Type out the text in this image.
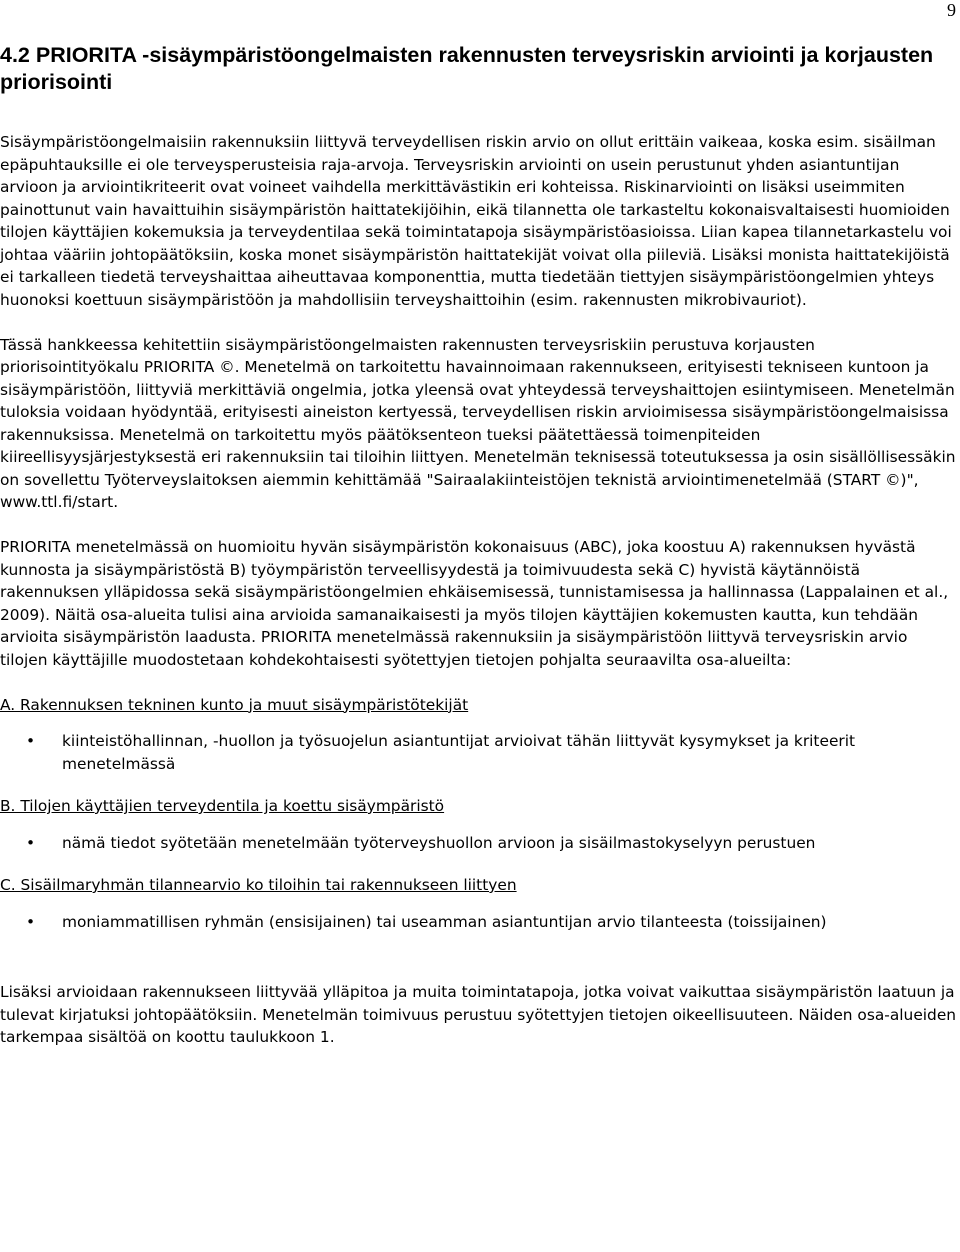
9
4.2 PRIORITA -sisäympäristöongelmaisten rakennusten terveysriskin arviointi ja korjausten priorisointi

Sisäympäristöongelmaisiin rakennuksiin liittyvä terveydellisen riskin arvio on ollut erittäin vaikeaa, koska esim. sisäilman epäpuhtauksille ei ole terveysperusteisia raja-arvoja. Terveysriskin arviointi on usein perustunut yhden asiantuntijan arvioon ja arviointikriteerit ovat voineet vaihdella merkittävästikin eri kohteissa. Riskinarviointi on lisäksi useimmiten painottunut vain havaittuihin sisäympäristön haittatekijöihin, eikä tilannetta ole tarkasteltu kokonaisvaltaisesti huomioiden tilojen käyttäjien kokemuksia ja terveydentilaa sekä toimintatapoja sisäympäristöasioissa. Liian kapea tilannetarkastelu voi johtaa vääriin johtopäätöksiin, koska monet sisäympäristön haittatekijät voivat olla piileviä. Lisäksi monista haittatekijöistä ei tarkalleen tiedetä terveyshaittaa aiheuttavaa komponenttia, mutta tiedetään tiettyjen sisäympäristöongelmien yhteys huonoksi koettuun sisäympäristöön ja mahdollisiin terveyshaittoihin (esim. rakennusten mikrobivauriot).

Tässä hankkeessa kehitettiin sisäympäristöongelmaisten rakennusten terveysriskiin perustuva korjausten priorisointityökalu PRIORITA ©. Menetelmä on tarkoitettu havainnoimaan rakennukseen, erityisesti tekniseen kuntoon ja sisäympäristöön, liittyviä merkittäviä ongelmia, jotka yleensä ovat yhteydessä terveyshaittojen esiintymiseen. Menetelmän tuloksia voidaan hyödyntää, erityisesti aineiston kertyessä, terveydellisen riskin arvioimisessa sisäympäristöongelmaisissa rakennuksissa. Menetelmä on tarkoitettu myös päätöksenteon tueksi päätettäessä toimenpiteiden kiireellisyysjärjestyksestä eri rakennuksiin tai tiloihin liittyen. Menetelmän teknisessä toteutuksessa ja osin sisällöllisessäkin on sovellettu Työterveyslaitoksen aiemmin kehittämää "Sairaalakiinteistöjen teknistä arviointimenetelmää (START ©)", www.ttl.fi/start.

PRIORITA menetelmässä on huomioitu hyvän sisäympäristön kokonaisuus (ABC), joka koostuu A) rakennuksen hyvästä kunnosta ja sisäympäristöstä B) työympäristön terveellisyydestä ja toimivuudesta sekä C) hyvistä käytännöistä rakennuksen ylläpidossa sekä sisäympäristöongelmien ehkäisemisessä, tunnistamisessa ja hallinnassa (Lappalainen et al., 2009). Näitä osa-alueita tulisi aina arvioida samanaikaisesti ja myös tilojen käyttäjien kokemusten kautta, kun tehdään arvioita sisäympäristön laadusta. PRIORITA menetelmässä rakennuksiin ja sisäympäristöön liittyvä terveysriskin arvio tilojen käyttäjille muodostetaan kohdekohtaisesti syötettyjen tietojen pohjalta seuraavilta osa-alueilta:

A. Rakennuksen tekninen kunto ja muut sisäympäristötekijät

•	kiinteistöhallinnan, -huollon ja työsuojelun asiantuntijat arvioivat tähän liittyvät kysymykset ja kriteerit menetelmässä

B. Tilojen käyttäjien terveydentila ja koettu sisäympäristö

•	nämä tiedot syötetään menetelmään työterveyshuollon arvioon ja sisäilmastokyselyyn perustuen

C. Sisäilmaryhmän tilannearvio ko tiloihin tai rakennukseen liittyen

•	moniammatillisen ryhmän (ensisijainen) tai useamman asiantuntijan arvio tilanteesta (toissijainen)

Lisäksi arvioidaan rakennukseen liittyvää ylläpitoa ja muita toimintatapoja, jotka voivat vaikuttaa sisäympäristön laatuun ja tulevat kirjatuksi johtopäätöksiin. Menetelmän toimivuus perustuu syötettyjen tietojen oikeellisuuteen. Näiden osa-alueiden tarkempaa sisältöä on koottu taulukkoon 1.
